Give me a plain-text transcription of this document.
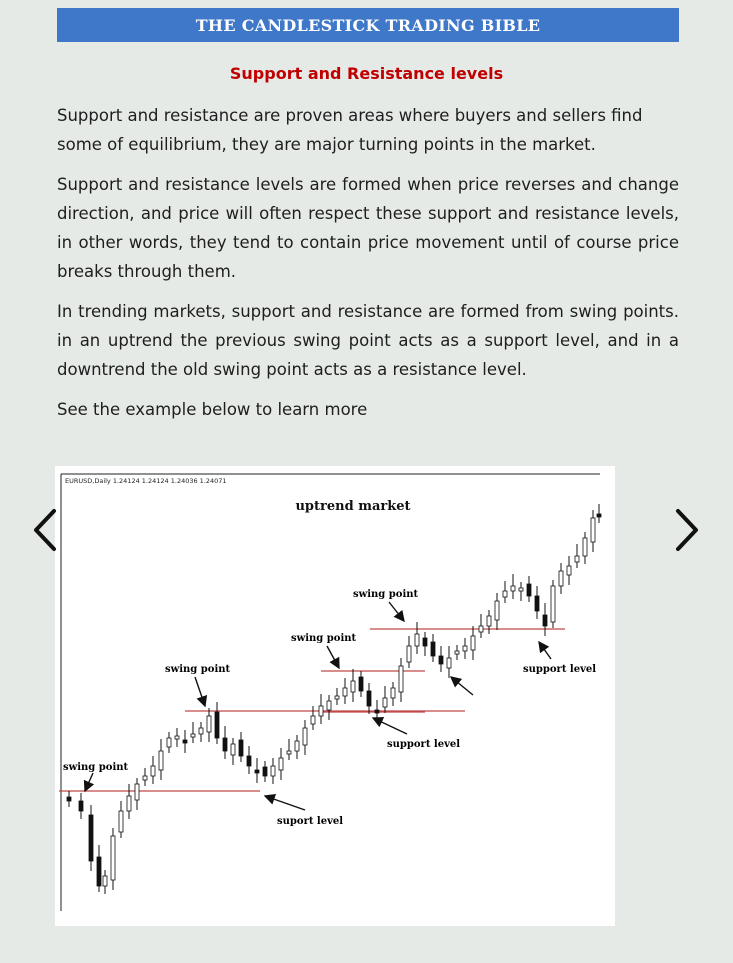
THE CANDLESTICK TRADING BIBLE
Support and Resistance levels

Support and resistance are proven areas where buyers and sellers find some of equilibrium, they are major turning points in the market.

Support and resistance levels are formed when price reverses and change direction, and price will often respect these support and resistance levels, in other words, they tend to contain price movement until of course price breaks through them.

In trending markets, support and resistance are formed from swing points. in an uptrend the previous swing point acts as a support level, and in a downtrend the old swing point acts as a resistance level.

See the example below to learn more

EURUSD,Daily 1.24124 1.24124 1.24036 1.24071
uptrend market
swing point
swing point
swing point
swing point
suport level
support level
support level
